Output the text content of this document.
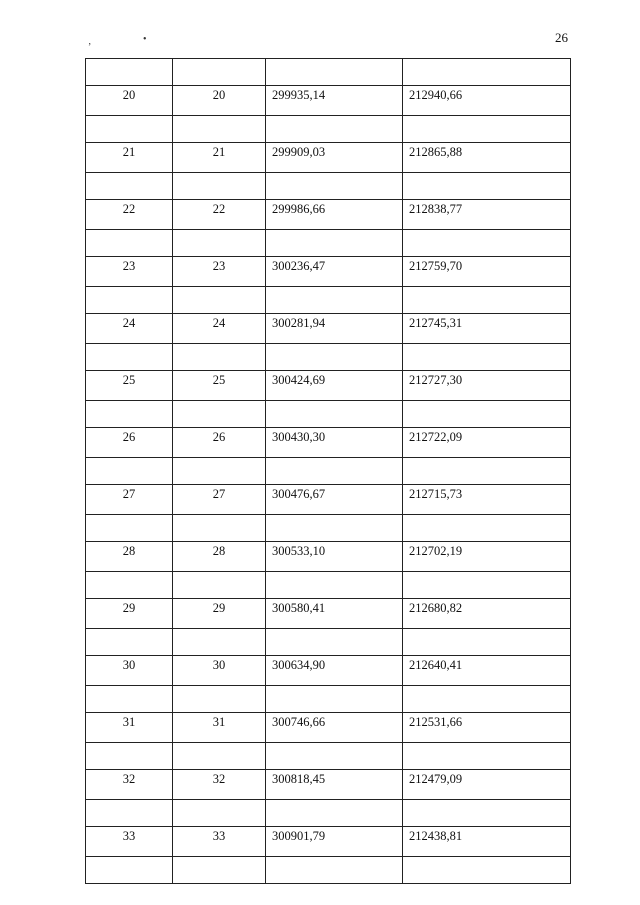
26
‚	•

20	20	299935,14	212940,66

21	21	299909,03	212865,88

22	22	299986,66	212838,77

23	23	300236,47	212759,70

24	24	300281,94	212745,31

25	25	300424,69	212727,30

26	26	300430,30	212722,09

27	27	300476,67	212715,73

28	28	300533,10	212702,19

29	29	300580,41	212680,82

30	30	300634,90	212640,41

31	31	300746,66	212531,66

32	32	300818,45	212479,09

33	33	300901,79	212438,81
